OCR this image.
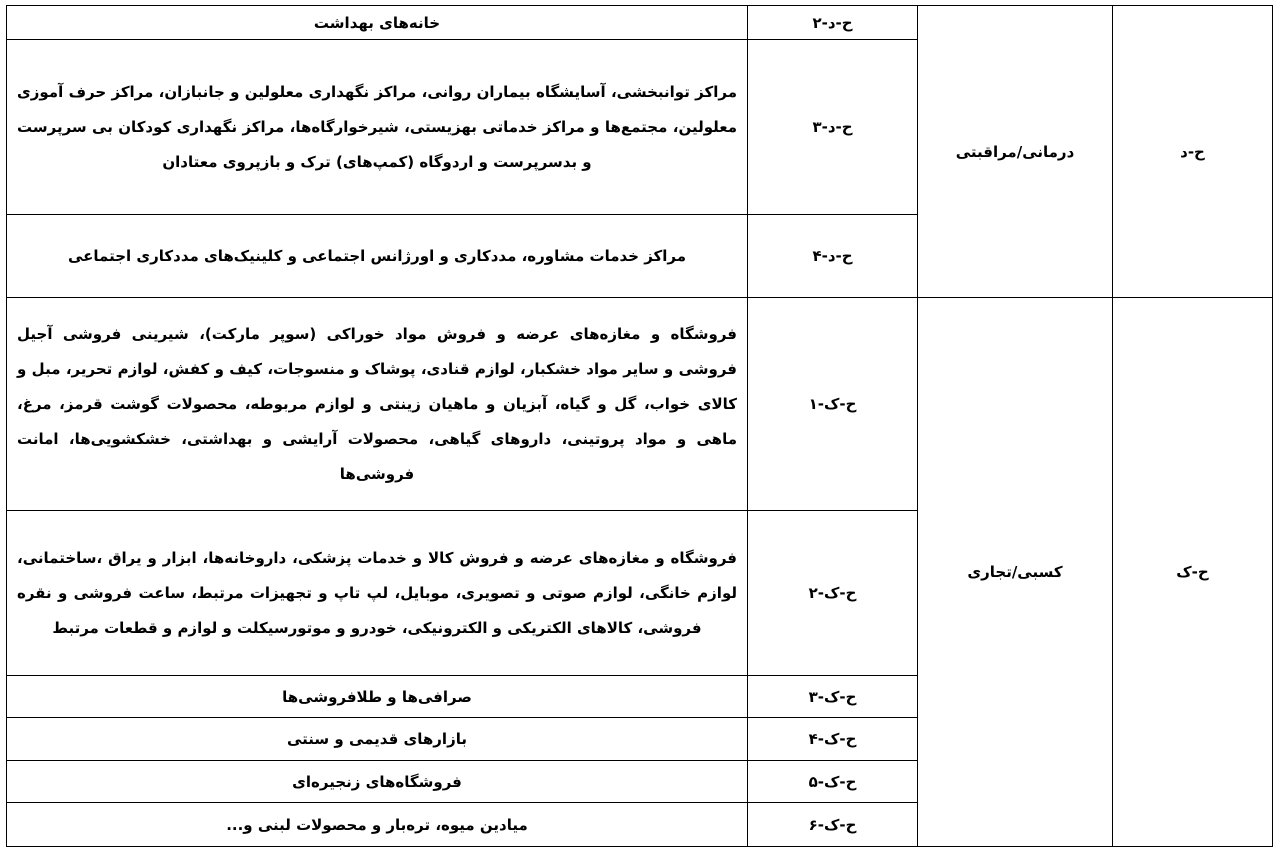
ح-د	درمانی/مراقبتی	ح-د-۲	خانه‌های بهداشت
		ح-د-۳	مراکز توانبخشی، آسایشگاه بیماران روانی، مراکز نگهداری معلولین و جانبازان، مراکز حرف آموزی معلولین، مجتمع‌ها و مراکز خدماتی بهزیستی، شیرخوارگاه‌ها، مراکز نگهداری کودکان بی سرپرست و بدسرپرست و اردوگاه (کمپ‌های) ترک و بازپروی معتادان
		ح-د-۴	مراکز خدمات مشاوره، مددکاری و اورژانس اجتماعی و کلینیک‌های مددکاری اجتماعی
ح-ک	کسبی/تجاری	ح-ک-۱	فروشگاه و مغازه‌های عرضه و فروش مواد خوراکی (سوپر مارکت)، شیرینی فروشی آجیل فروشی و سایر مواد خشکبار، لوازم قنادی، پوشاک و منسوجات، کیف و کفش، لوازم تحریر، مبل و کالای خواب، گل و گیاه، آبزیان و ماهیان زینتی و لوازم مربوطه، محصولات گوشت قرمز، مرغ، ماهی و مواد پروتینی، داروهای گیاهی، محصولات آرایشی و بهداشتی، خشکشویی‌ها، امانت فروشی‌ها
		ح-ک-۲	فروشگاه و مغازه‌های عرضه و فروش کالا و خدمات پزشکی، داروخانه‌ها، ابزار و یراق ،ساختمانی، لوازم خانگی، لوازم صوتی و تصویری، موبایل، لپ تاپ و تجهیزات مرتبط، ساعت فروشی و نقره فروشی، کالاهای الکتریکی و الکترونیکی، خودرو و موتورسیکلت و لوازم و قطعات مرتبط
		ح-ک-۳	صرافی‌ها و طلافروشی‌ها
		ح-ک-۴	بازارهای قدیمی و سنتی
		ح-ک-۵	فروشگاه‌های زنجیره‌ای
		ح-ک-۶	میادین میوه، تره‌بار و محصولات لبنی و...
